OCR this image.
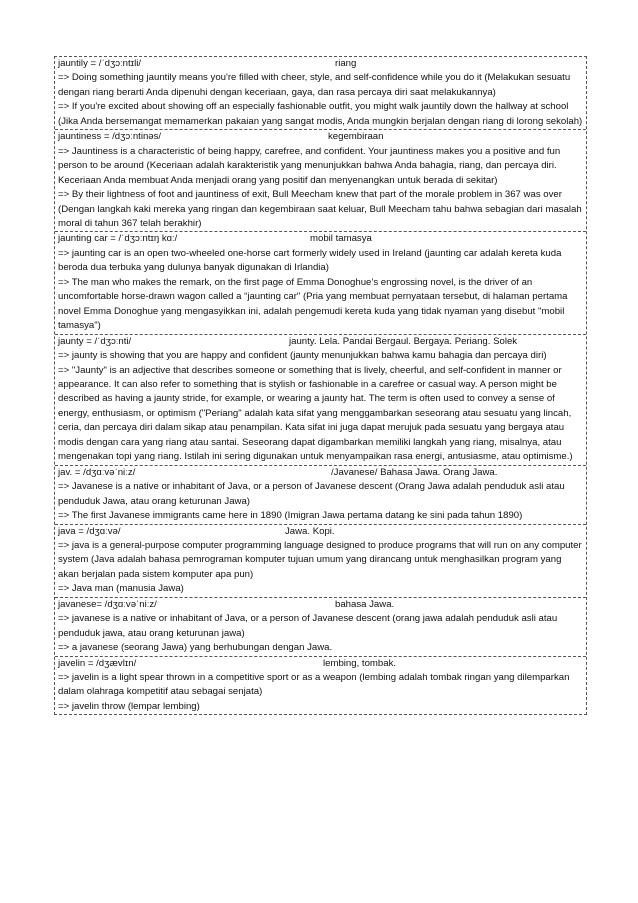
jauntily = /ˈdʒɔːntɪli/	riang
=> Doing something jauntily means you're filled with cheer, style, and self-confidence while you do it (Melakukan sesuatu dengan riang berarti Anda dipenuhi dengan keceriaan, gaya, dan rasa percaya diri saat melakukannya)
=> If you're excited about showing off an especially fashionable outfit, you might walk jauntily down the hallway at school (Jika Anda bersemangat memamerkan pakaian yang sangat modis, Anda mungkin berjalan dengan riang di lorong sekolah)
jauntiness = /dʒɔːntinəs/	kegembiraan
=> Jauntiness is a characteristic of being happy, carefree, and confident. Your jauntiness makes you a positive and fun person to be around (Keceriaan adalah karakteristik yang menunjukkan bahwa Anda bahagia, riang, dan percaya diri. Keceriaan Anda membuat Anda menjadi orang yang positif dan menyenangkan untuk berada di sekitar)
=> By their lightness of foot and jauntiness of exit, Bull Meecham knew that part of the morale problem in 367 was over (Dengan langkah kaki mereka yang ringan dan kegembiraan saat keluar, Bull Meecham tahu bahwa sebagian dari masalah moral di tahun 367 telah berakhir)
jaunting car = /ˈdʒɔːntɪŋ kɑː/	mobil tamasya
=> jaunting car is an open two-wheeled one-horse cart formerly widely used in Ireland (jaunting car adalah kereta kuda beroda dua terbuka yang dulunya banyak digunakan di Irlandia)
=> The man who makes the remark, on the first page of Emma Donoghue’s engrossing novel, is the driver of an uncomfortable horse-drawn wagon called a “jaunting car" (Pria yang membuat pernyataan tersebut, di halaman pertama novel Emma Donoghue yang mengasyikkan ini, adalah pengemudi kereta kuda yang tidak nyaman yang disebut "mobil tamasya")
jaunty = /ˈdʒɔːnti/	jaunty. Lela. Pandai Bergaul. Bergaya. Periang. Solek
=> jaunty is showing that you are happy and confident (jaunty menunjukkan bahwa kamu bahagia dan percaya diri)
=> "Jaunty" is an adjective that describes someone or something that is lively, cheerful, and self-confident in manner or appearance. It can also refer to something that is stylish or fashionable in a carefree or casual way. A person might be described as having a jaunty stride, for example, or wearing a jaunty hat. The term is often used to convey a sense of energy, enthusiasm, or optimism ("Periang" adalah kata sifat yang menggambarkan seseorang atau sesuatu yang lincah, ceria, dan percaya diri dalam sikap atau penampilan. Kata sifat ini juga dapat merujuk pada sesuatu yang bergaya atau modis dengan cara yang riang atau santai. Seseorang dapat digambarkan memiliki langkah yang riang, misalnya, atau mengenakan topi yang riang. Istilah ini sering digunakan untuk menyampaikan rasa energi, antusiasme, atau optimisme.)
jav. = /dʒɑːvəˈniːz/	/Javanese/ Bahasa Jawa. Orang Jawa.
=> Javanese is a native or inhabitant of Java, or a person of Javanese descent (Orang Jawa adalah penduduk asli atau penduduk Jawa, atau orang keturunan Jawa)
=> The first Javanese immigrants came here in 1890 (Imigran Jawa pertama datang ke sini pada tahun 1890)
java = /dʒɑːvə/	Jawa. Kopi.
=> java is a general-purpose computer programming language designed to produce programs that will run on any computer system (Java adalah bahasa pemrograman komputer tujuan umum yang dirancang untuk menghasilkan program yang akan berjalan pada sistem komputer apa pun)
=> Java man (manusia Jawa)
javanese= /dʒɑːvəˈniːz/	bahasa Jawa.
=> javanese is a native or inhabitant of Java, or a person of Javanese descent (orang jawa adalah penduduk asli atau penduduk jawa, atau orang keturunan jawa)
=> a javanese (seorang Jawa) yang berhubungan dengan Jawa.
javelin = /dʒævlɪn/	lembing, tombak.
=> javelin is a light spear thrown in a competitive sport or as a weapon (lembing adalah tombak ringan yang dilemparkan dalam olahraga kompetitif atau sebagai senjata)
=> javelin throw (lempar lembing)
